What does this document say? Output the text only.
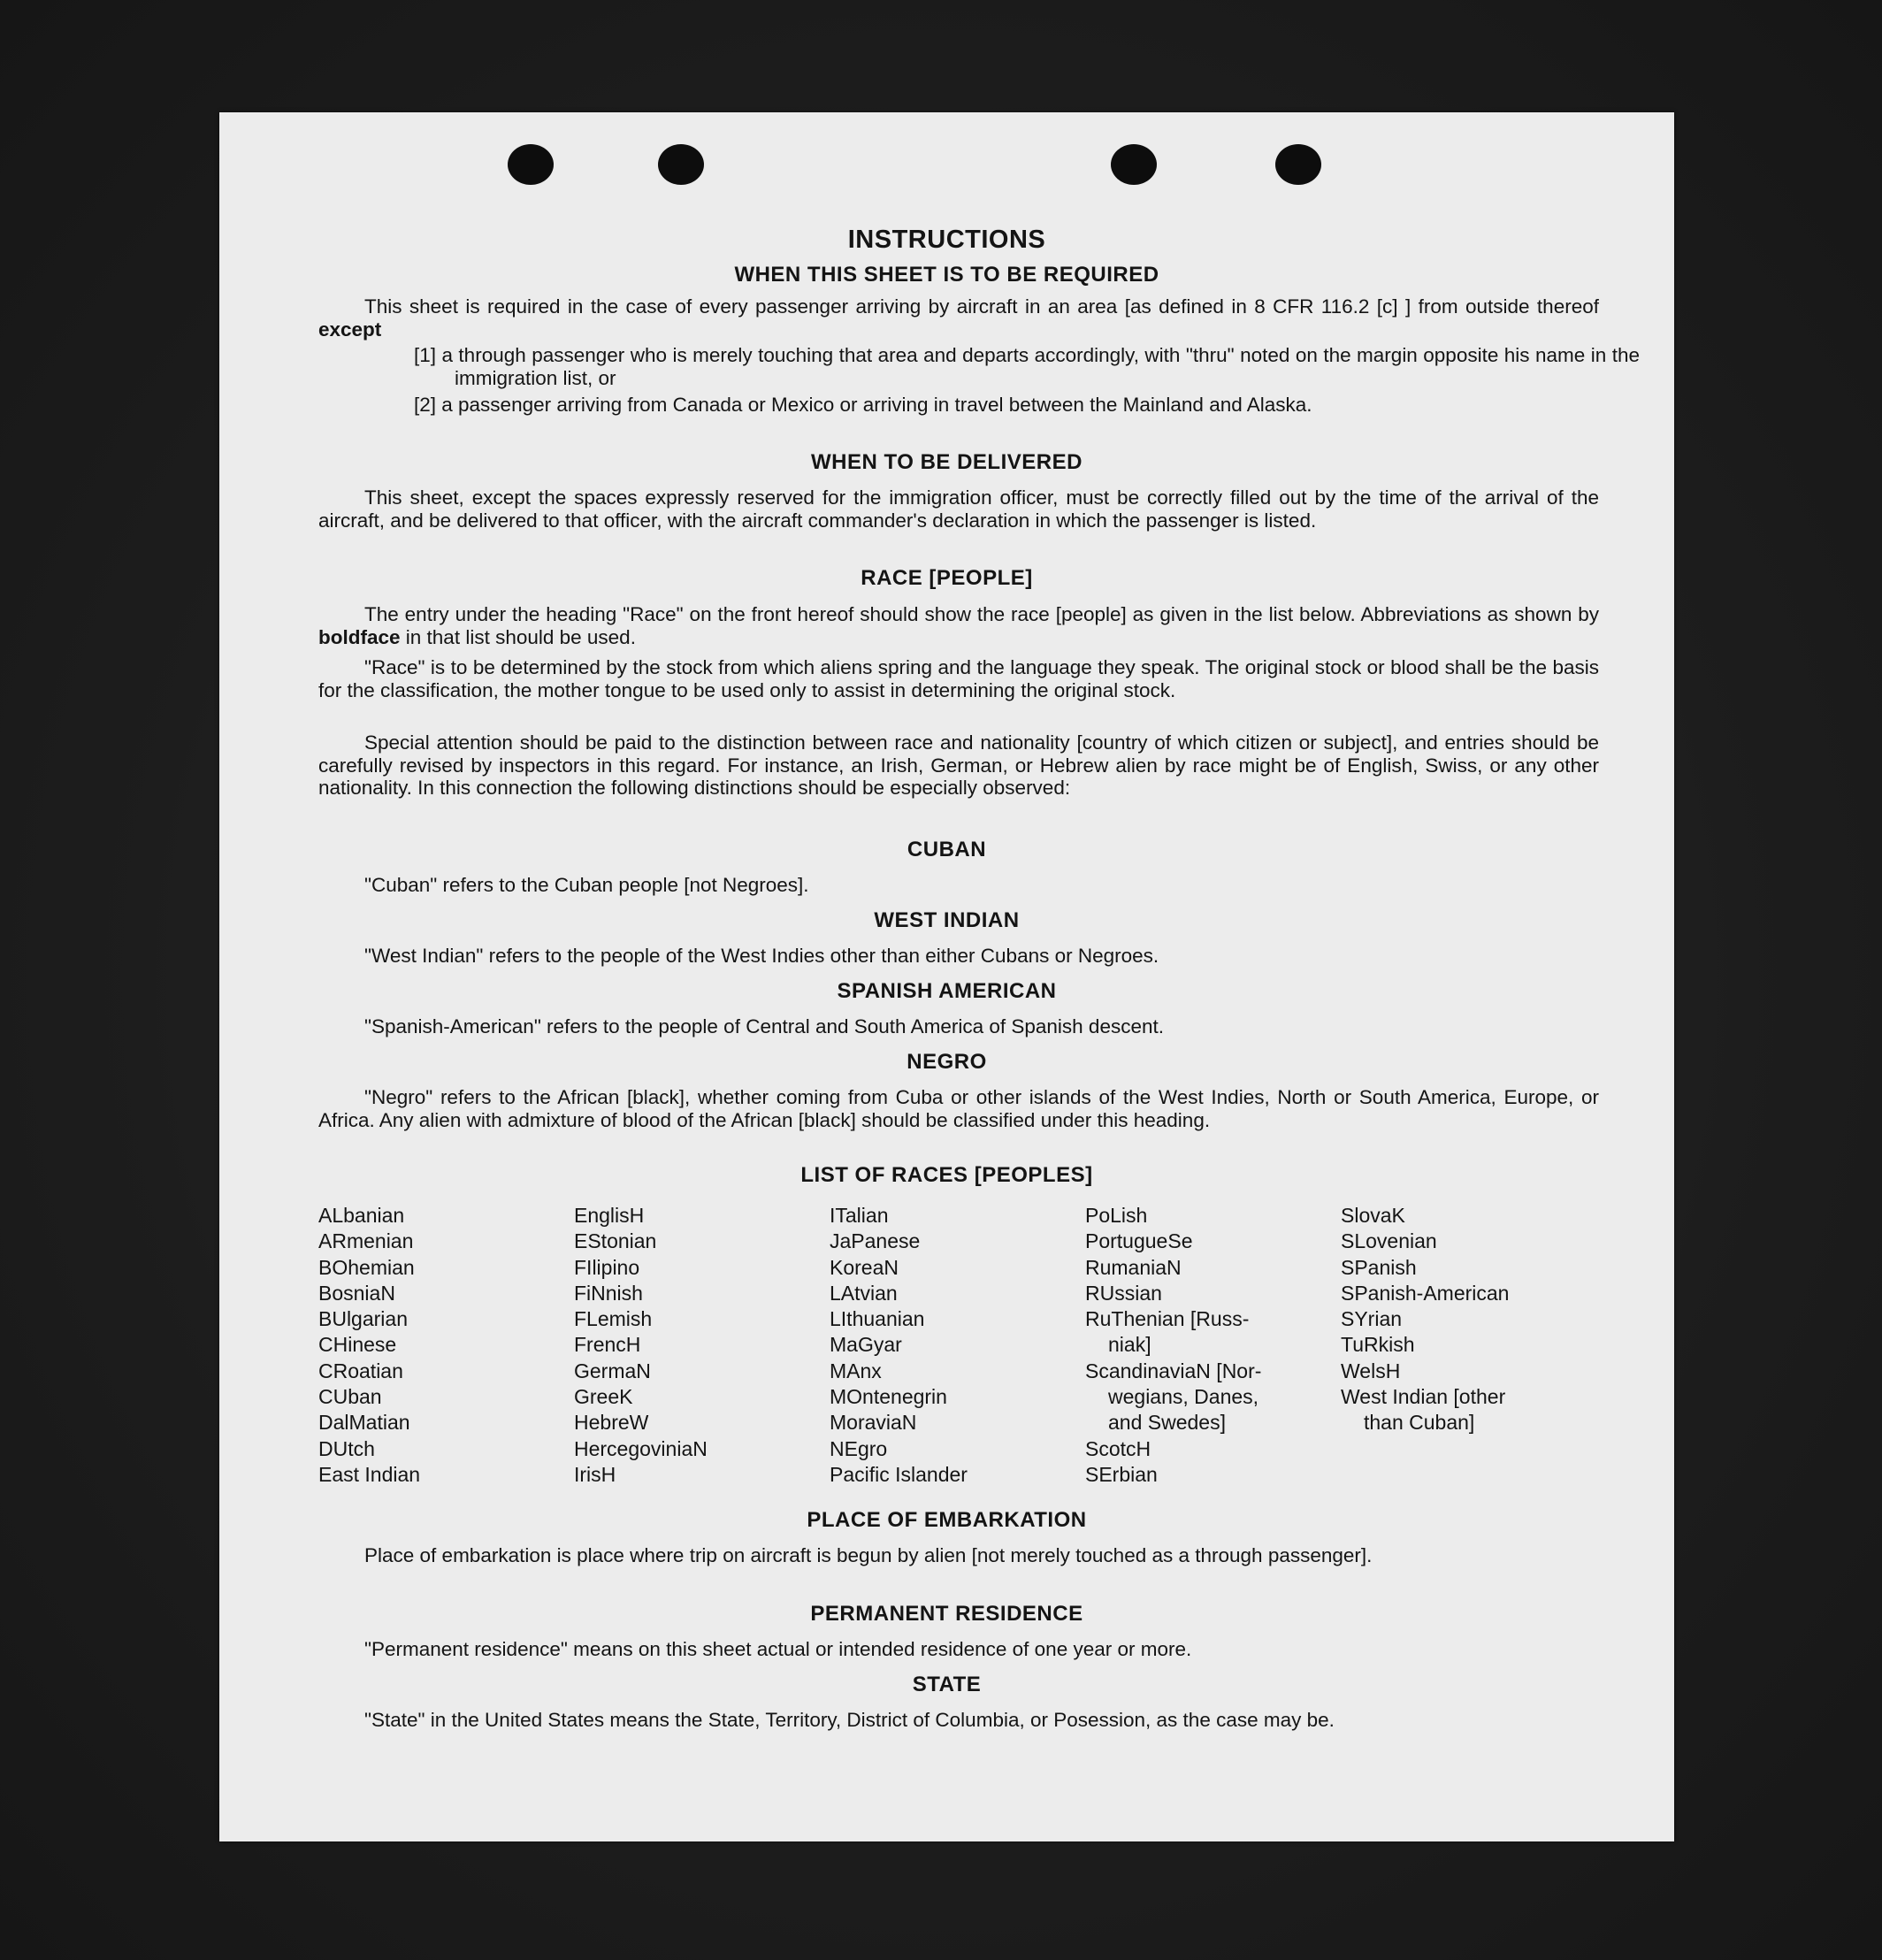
INSTRUCTIONS
WHEN THIS SHEET IS TO BE REQUIRED
This sheet is required in the case of every passenger arriving by aircraft in an area [as defined in 8 CFR 116.2 [c] ] from outside thereof except
[1] a through passenger who is merely touching that area and departs accordingly, with "thru" noted on the margin opposite his name in the immigration list, or
[2] a passenger arriving from Canada or Mexico or arriving in travel between the Mainland and Alaska.
WHEN TO BE DELIVERED
This sheet, except the spaces expressly reserved for the immigration officer, must be correctly filled out by the time of the arrival of the aircraft, and be delivered to that officer, with the aircraft commander's declaration in which the passenger is listed.
RACE [PEOPLE]
The entry under the heading "Race" on the front hereof should show the race [people] as given in the list below. Abbreviations as shown by boldface in that list should be used.
"Race" is to be determined by the stock from which aliens spring and the language they speak. The original stock or blood shall be the basis for the classification, the mother tongue to be used only to assist in determining the original stock.
Special attention should be paid to the distinction between race and nationality [country of which citizen or subject], and entries should be carefully revised by inspectors in this regard. For instance, an Irish, German, or Hebrew alien by race might be of English, Swiss, or any other nationality. In this connection the following distinctions should be especially observed:
CUBAN
"Cuban" refers to the Cuban people [not Negroes].
WEST INDIAN
"West Indian" refers to the people of the West Indies other than either Cubans or Negroes.
SPANISH AMERICAN
"Spanish-American" refers to the people of Central and South America of Spanish descent.
NEGRO
"Negro" refers to the African [black], whether coming from Cuba or other islands of the West Indies, North or South America, Europe, or Africa. Any alien with admixture of blood of the African [black] should be classified under this heading.
LIST OF RACES [PEOPLES]
ALbanian
ARmenian
BOhemian
BosniaN
BUlgarian
CHinese
CRoatian
CUban
DalMatian
DUtch
East Indian
EnglisH
EStonian
FIlipino
FiNnish
FLemish
FrencH
GermaN
GreeK
HebreW
HercegoviniaN
IrisH
ITalian
JaPanese
KoreaN
LAtvian
LIthuanian
MaGyar
MAnx
MOntenegrin
MoraviaN
NEgro
Pacific Islander
PoLish
PortugueSe
RumaniaN
RUssian
RuThenian [Russ-
niak]
ScandinaviaN [Nor-
wegians, Danes,
and Swedes]
ScotcH
SErbian
SlovaK
SLovenian
SPanish
SPanish-American
SYrian
TuRkish
WelsH
West Indian [other
than Cuban]
PLACE OF EMBARKATION
Place of embarkation is place where trip on aircraft is begun by alien [not merely touched as a through passenger].
PERMANENT RESIDENCE
"Permanent residence" means on this sheet actual or intended residence of one year or more.
STATE
"State" in the United States means the State, Territory, District of Columbia, or Posession, as the case may be.
